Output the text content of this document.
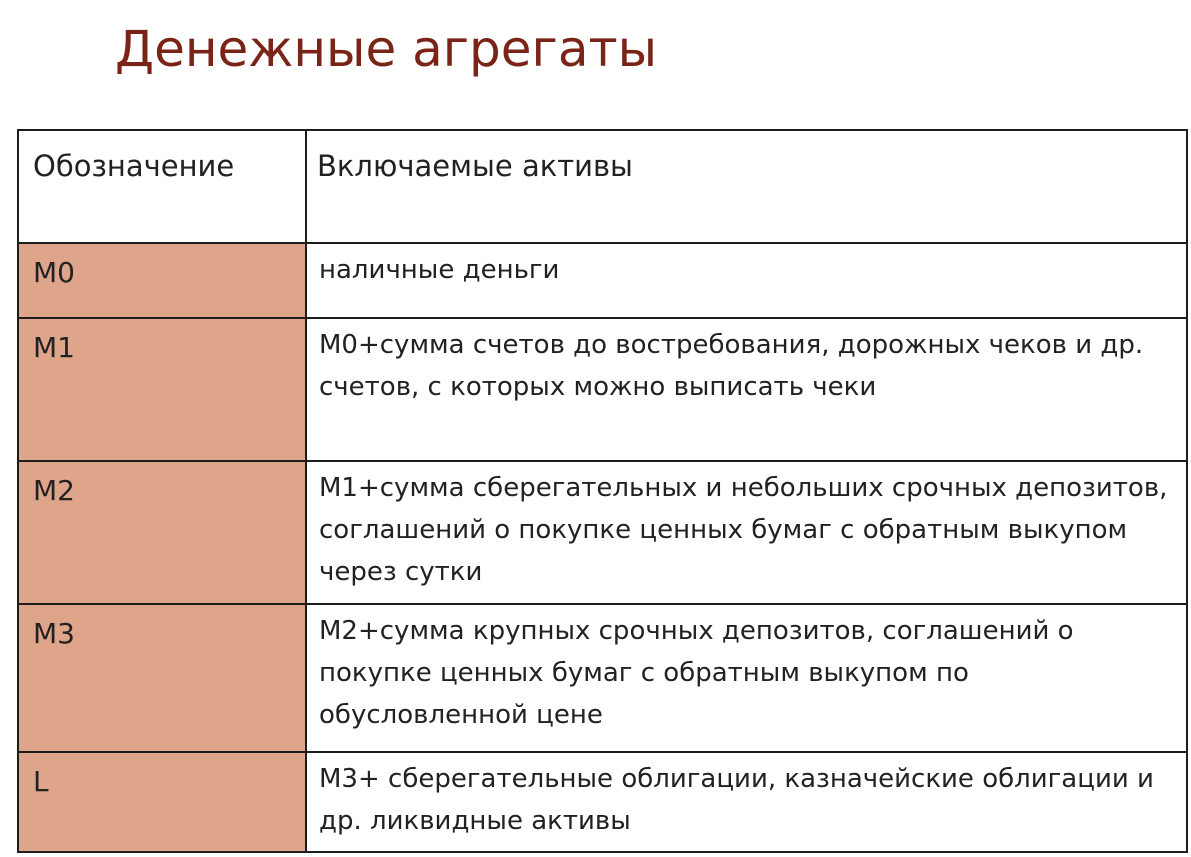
Денежные агрегаты
Обозначение	Включаемые активы
M0	наличные деньги
M1	М0+сумма счетов до востребования, дорожных чеков и др. счетов, с которых можно выписать чеки
M2	М1+сумма сберегательных и небольших срочных депозитов, соглашений о покупке ценных бумаг с обратным выкупом через сутки
M3	М2+сумма крупных срочных депозитов, соглашений о покупке ценных бумаг с обратным выкупом по обусловленной цене
L	М3+ сберегательные облигации, казначейские облигации и др. ликвидные активы
